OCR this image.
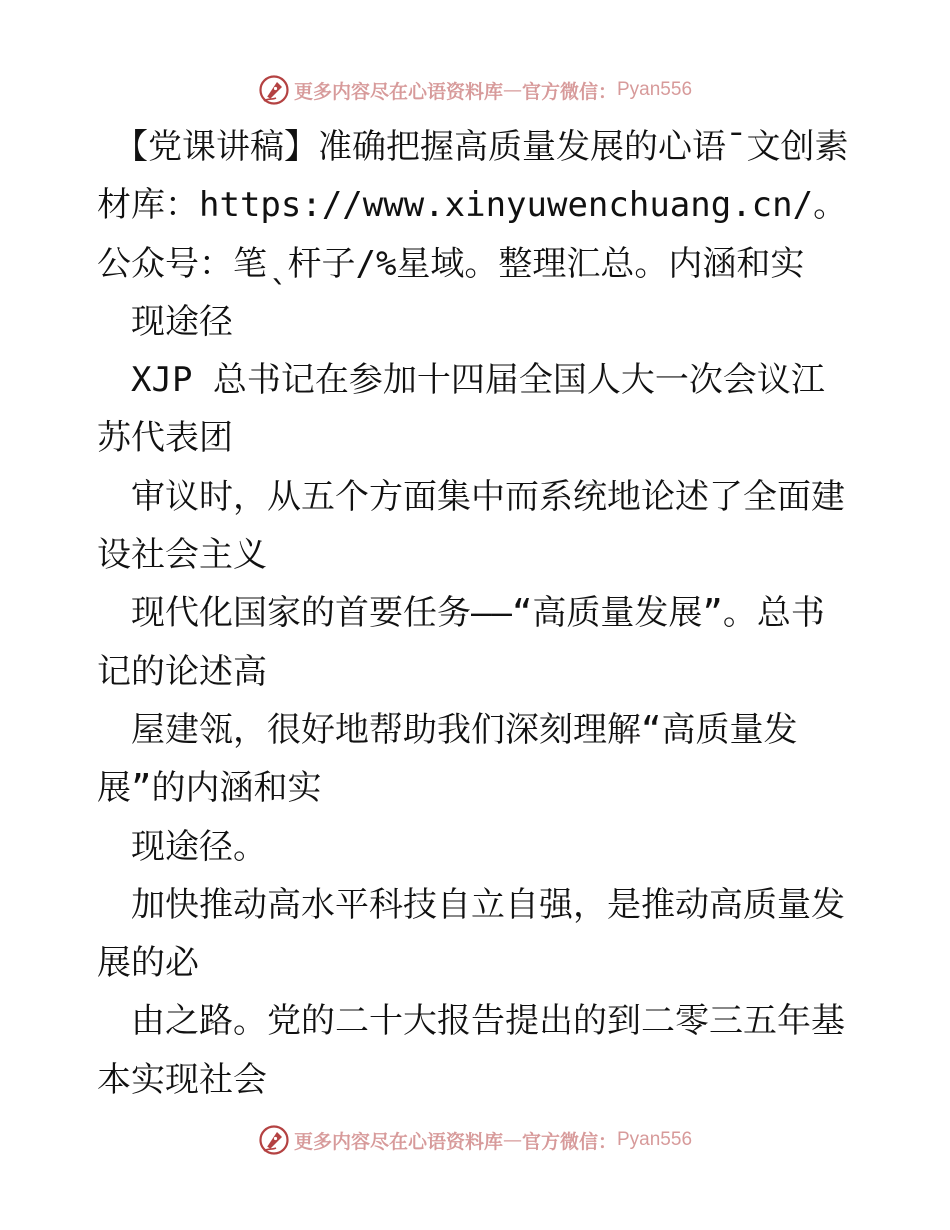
更多内容尽在心语资料库 — 官方微信： Pyan556

　【党课讲稿】准确把握高质量发展的心语¯文创素材库：https://www.xinyuwenchuang.cn/。公众号：笔ˎ杆子/%星域。整理汇总。内涵和实

　现途径

　XJP 总书记在参加十四届全国人大一次会议江苏代表团

　审议时，从五个方面集中而系统地论述了全面建设社会主义

　现代化国家的首要任务——“高质量发展”。总书记的论述高

　屋建瓴，很好地帮助我们深刻理解“高质量发展”的内涵和实

　现途径。

　加快推动高水平科技自立自强，是推动高质量发展的必

　由之路。党的二十大报告提出的到二零三五年基本实现社会

更多内容尽在心语资料库 — 官方微信： Pyan556
